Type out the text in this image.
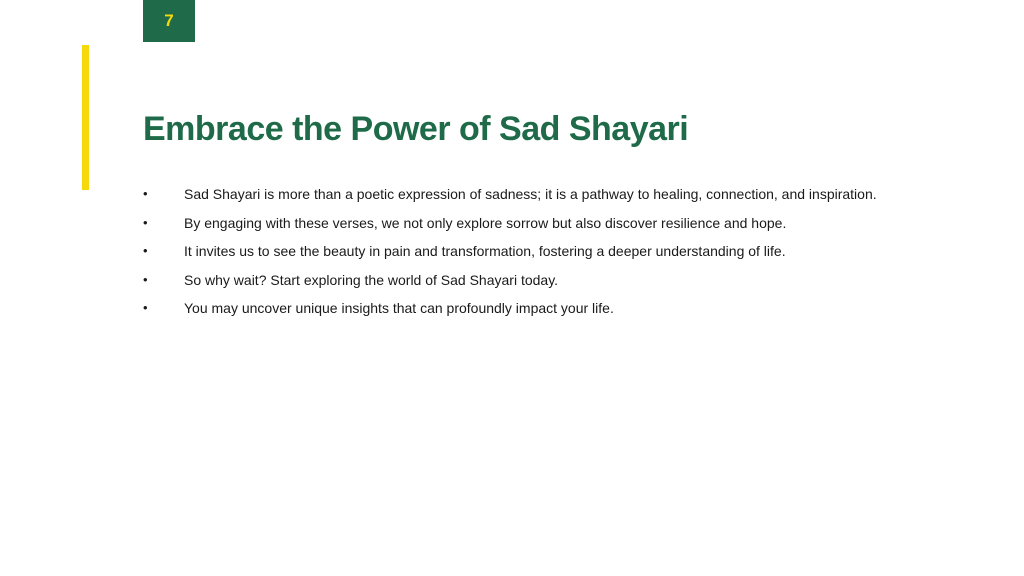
7
Embrace the Power of Sad Shayari
•	Sad Shayari is more than a poetic expression of sadness; it is a pathway to healing, connection, and inspiration.
•	By engaging with these verses, we not only explore sorrow but also discover resilience and hope.
•	It invites us to see the beauty in pain and transformation, fostering a deeper understanding of life.
•	So why wait? Start exploring the world of Sad Shayari today.
•	You may uncover unique insights that can profoundly impact your life.
